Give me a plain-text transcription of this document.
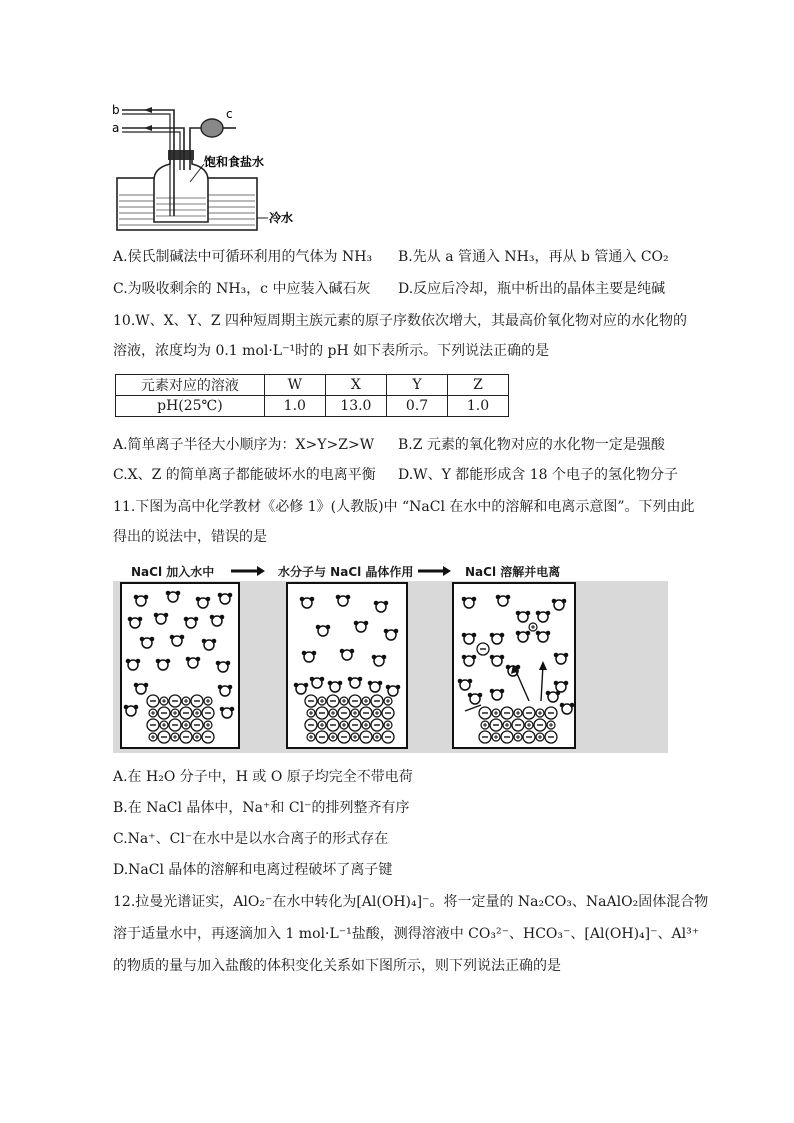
b
a
c
饱和食盐水
冷水
A.侯氏制碱法中可循环利用的气体为 NH₃ B.先从 a 管通入 NH₃，再从 b 管通入 CO₂
C.为吸收剩余的 NH₃，c 中应装入碱石灰 D.反应后冷却，瓶中析出的晶体主要是纯碱
10.W、X、Y、Z 四种短周期主族元素的原子序数依次增大，其最高价氧化物对应的水化物的
溶液，浓度均为 0.1 mol·L⁻¹时的 pH 如下表所示。下列说法正确的是
元素对应的溶液	W	X	Y	Z
pH(25℃)	1.0	13.0	0.7	1.0
A.简单离子半径大小顺序为：X>Y>Z>W B.Z 元素的氧化物对应的水化物一定是强酸
C.X、Z 的简单离子都能破坏水的电离平衡 D.W、Y 都能形成含 18 个电子的氢化物分子
11.下图为高中化学教材《必修 1》(人教版)中 “NaCl 在水中的溶解和电离示意图”。下列由此
得出的说法中，错误的是
NaCl 加入水中	水分子与 NaCl 晶体作用	NaCl 溶解并电离
A.在 H₂O 分子中，H 或 O 原子均完全不带电荷
B.在 NaCl 晶体中，Na⁺和 Cl⁻的排列整齐有序
C.Na⁺、Cl⁻在水中是以水合离子的形式存在
D.NaCl 晶体的溶解和电离过程破坏了离子键
12.拉曼光谱证实，AlO₂⁻在水中转化为[Al(OH)₄]⁻。将一定量的 Na₂CO₃、NaAlO₂固体混合物
溶于适量水中，再逐滴加入 1 mol·L⁻¹盐酸，测得溶液中 CO₃²⁻、HCO₃⁻、[Al(OH)₄]⁻、Al³⁺
的物质的量与加入盐酸的体积变化关系如下图所示，则下列说法正确的是
